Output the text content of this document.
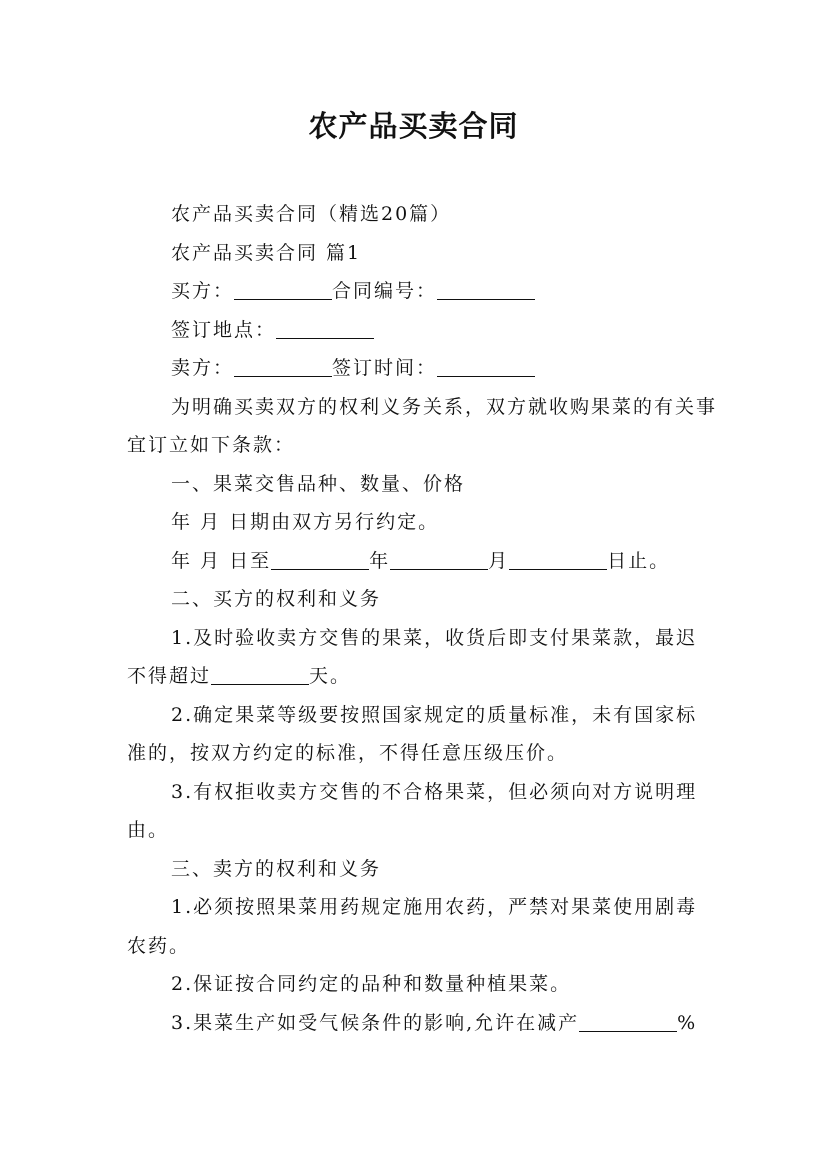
农产品买卖合同

农产品买卖合同（精选20篇）

农产品买卖合同 篇1

买方：	合同编号：

签订地点：

卖方：	签订时间：

为明确买卖双方的权利义务关系，双方就收购果菜的有关事宜订立如下条款：

一、果菜交售品种、数量、价格

年 月 日期由双方另行约定。

年 月 日至	年	月	日止。

二、买方的权利和义务

1.及时验收卖方交售的果菜，收货后即支付果菜款，最迟不得超过	天。

2.确定果菜等级要按照国家规定的质量标准，未有国家标准的，按双方约定的标准，不得任意压级压价。

3.有权拒收卖方交售的不合格果菜，但必须向对方说明理由。

三、卖方的权利和义务

1.必须按照果菜用药规定施用农药，严禁对果菜使用剧毒农药。

2.保证按合同约定的品种和数量种植果菜。

3.果菜生产如受气候条件的影响,允许在减产	%
